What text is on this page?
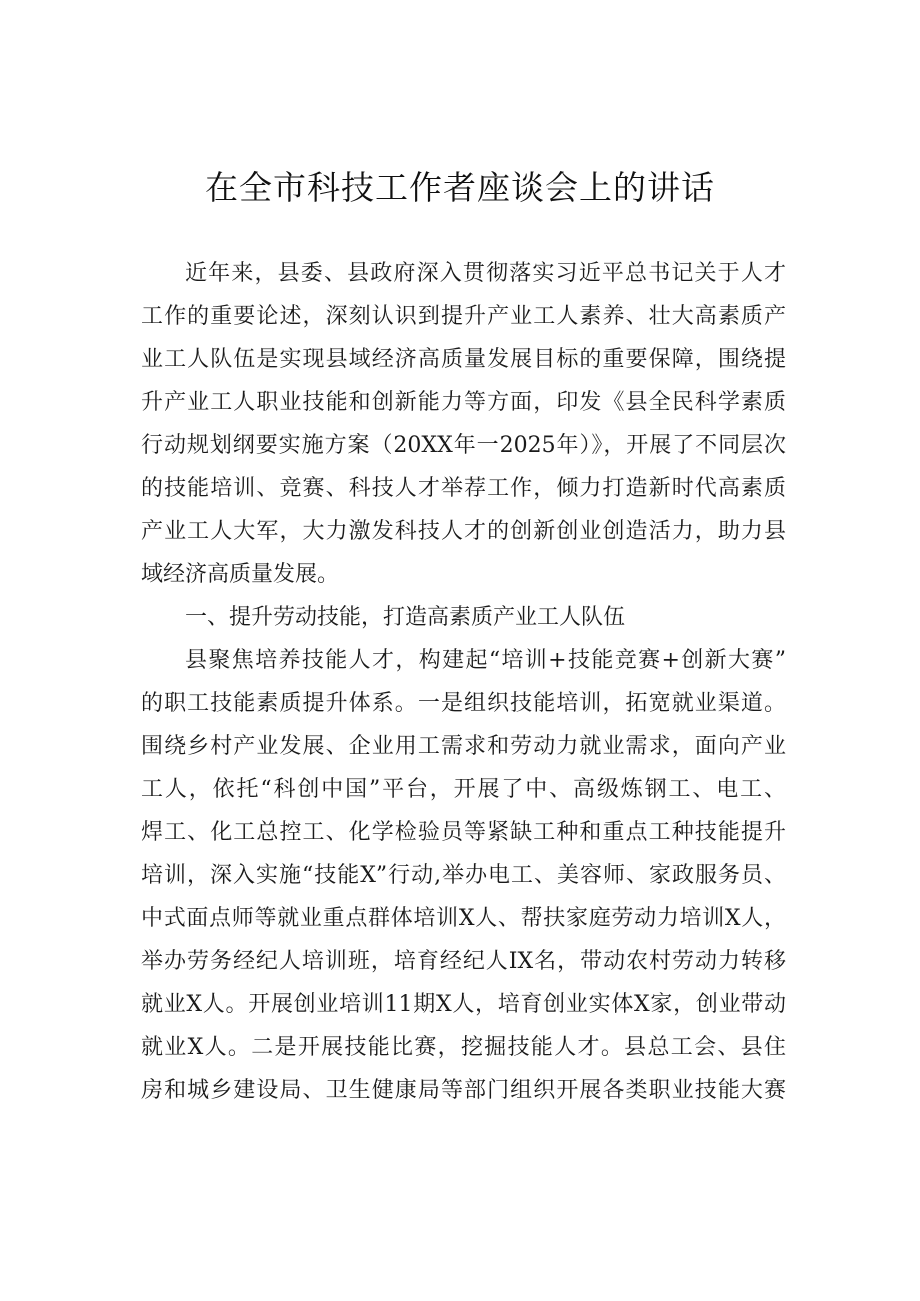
在全市科技工作者座谈会上的讲话
近年来，县委、县政府深入贯彻落实习近平总书记关于人才
工作的重要论述，深刻认识到提升产业工人素养、壮大高素质产
业工人队伍是实现县域经济高质量发展目标的重要保障，围绕提
升产业工人职业技能和创新能力等方面，印发《县全民科学素质
行动规划纲要实施方案（20XX年一2025年）》，开展了不同层次
的技能培训、竞赛、科技人才举荐工作，倾力打造新时代高素质
产业工人大军，大力激发科技人才的创新创业创造活力，助力县
域经济高质量发展。
一、提升劳动技能，打造高素质产业工人队伍
县聚焦培养技能人才，构建起“培训+技能竞赛+创新大赛”
的职工技能素质提升体系。一是组织技能培训，拓宽就业渠道。
围绕乡村产业发展、企业用工需求和劳动力就业需求，面向产业
工人，依托“科创中国”平台，开展了中、高级炼钢工、电工、
焊工、化工总控工、化学检验员等紧缺工种和重点工种技能提升
培训，深入实施“技能X”行动,举办电工、美容师、家政服务员、
中式面点师等就业重点群体培训X人、帮扶家庭劳动力培训X人，
举办劳务经纪人培训班，培育经纪人IX名，带动农村劳动力转移
就业X人。开展创业培训11期X人，培育创业实体X家，创业带动
就业X人。二是开展技能比赛，挖掘技能人才。县总工会、县住
房和城乡建设局、卫生健康局等部门组织开展各类职业技能大赛
